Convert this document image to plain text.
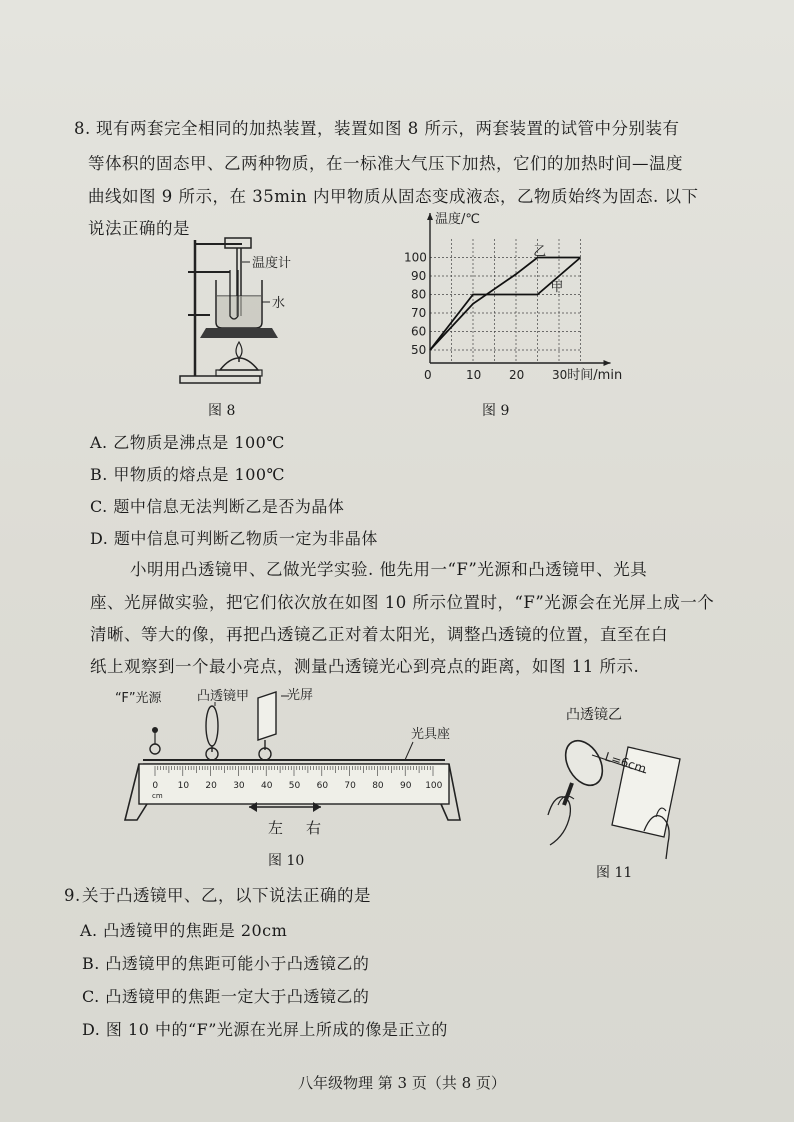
8. 现有两套完全相同的加热装置，装置如图 8 所示，两套装置的试管中分别装有
等体积的固态甲、乙两种物质，在一标准大气压下加热，它们的加热时间—温度
曲线如图 9 所示，在 35min 内甲物质从固态变成液态，乙物质始终为固态. 以下
说法正确的是
温度计
水
图 8
0	10 20 30
50
60
70
80
90
100
温度/℃
时间/min
乙
甲
图 9
A. 乙物质是沸点是 100℃
B. 甲物质的熔点是 100℃
C. 题中信息无法判断乙是否为晶体
D. 题中信息可判断乙物质一定为非晶体
小明用凸透镜甲、乙做光学实验. 他先用一“F”光源和凸透镜甲、光具
座、光屏做实验，把它们依次放在如图 10 所示位置时，“F”光源会在光屏上成一个
清晰、等大的像，再把凸透镜乙正对着太阳光，调整凸透镜的位置，直至在白
纸上观察到一个最小亮点，测量凸透镜光心到亮点的距离，如图 11 所示.
0 10 20 30 40 50 60 70 80 90 100
cm
“F”光源	凸透镜甲	光屏
光具座
左 右
图 10
凸透镜乙
L=6cm
图 11
9. 关于凸透镜甲、乙，以下说法正确的是
A. 凸透镜甲的焦距是 20cm
B. 凸透镜甲的焦距可能小于凸透镜乙的
C. 凸透镜甲的焦距一定大于凸透镜乙的
D. 图 10 中的“F”光源在光屏上所成的像是正立的
八年级物理 第 3 页（共 8 页）
